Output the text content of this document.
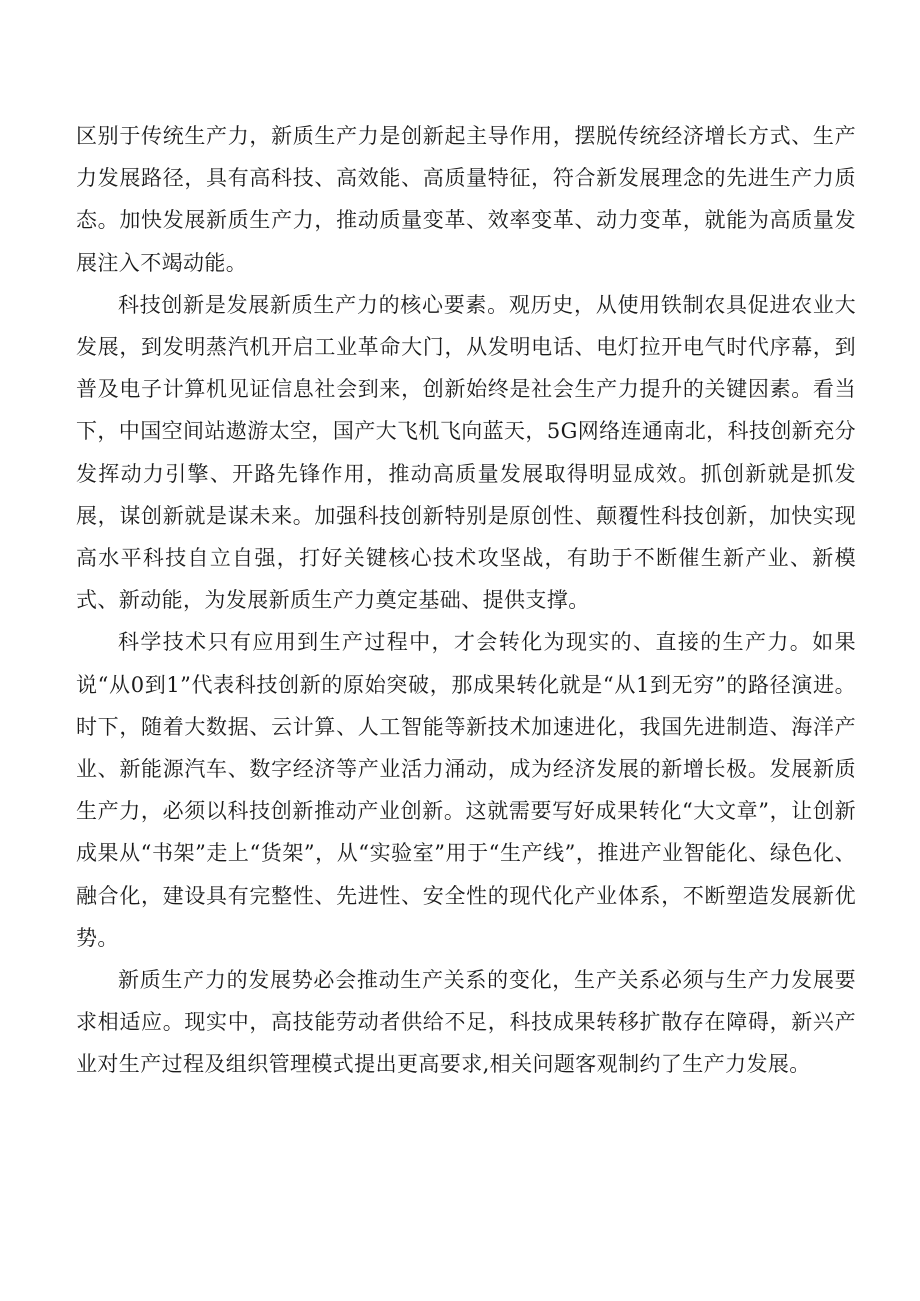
区别于传统生产力，新质生产力是创新起主导作用，摆脱传统经济增长方式、生产力发展路径，具有高科技、高效能、高质量特征，符合新发展理念的先进生产力质态。加快发展新质生产力，推动质量变革、效率变革、动力变革，就能为高质量发展注入不竭动能。

科技创新是发展新质生产力的核心要素。观历史，从使用铁制农具促进农业大发展，到发明蒸汽机开启工业革命大门，从发明电话、电灯拉开电气时代序幕，到普及电子计算机见证信息社会到来，创新始终是社会生产力提升的关键因素。看当下，中国空间站遨游太空，国产大飞机飞向蓝天，5G网络连通南北，科技创新充分发挥动力引擎、开路先锋作用，推动高质量发展取得明显成效。抓创新就是抓发展，谋创新就是谋未来。加强科技创新特别是原创性、颠覆性科技创新，加快实现高水平科技自立自强，打好关键核心技术攻坚战，有助于不断催生新产业、新模式、新动能，为发展新质生产力奠定基础、提供支撑。

科学技术只有应用到生产过程中，才会转化为现实的、直接的生产力。如果说“从0到1”代表科技创新的原始突破，那成果转化就是“从1到无穷”的路径演进。时下，随着大数据、云计算、人工智能等新技术加速进化，我国先进制造、海洋产业、新能源汽车、数字经济等产业活力涌动，成为经济发展的新增长极。发展新质生产力，必须以科技创新推动产业创新。这就需要写好成果转化“大文章”，让创新成果从“书架”走上“货架”，从“实验室”用于“生产线”，推进产业智能化、绿色化、融合化，建设具有完整性、先进性、安全性的现代化产业体系，不断塑造发展新优势。

新质生产力的发展势必会推动生产关系的变化，生产关系必须与生产力发展要求相适应。现实中，高技能劳动者供给不足，科技成果转移扩散存在障碍，新兴产业对生产过程及组织管理模式提出更高要求,相关问题客观制约了生产力发展。
